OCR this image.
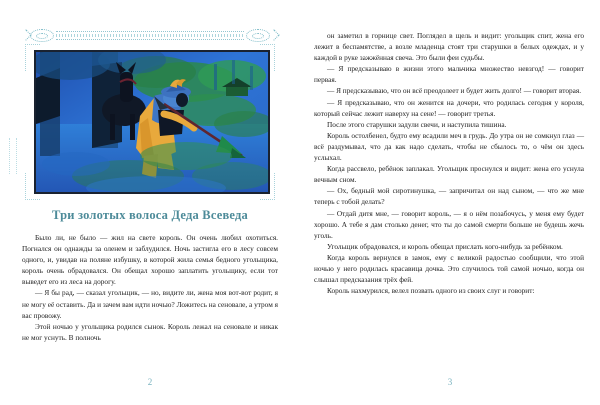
Три золотых волоса Деда Всеведа

Было ли, не было — жил на свете король. Он очень любил охотиться. Погнался он однажды за оленем и заблудился. Ночь застигла его в лесу совсем одного, и, увидав на поляне избушку, в которой жила семья бедного угольщика, король очень обрадовался. Он обещал хорошо заплатить угольщику, если тот выведет его из леса на дорогу.

— Я бы рад, — сказал угольщик, — но, видите ли, жена моя вот-вот родит, я не могу её оставить. Да и зачем вам идти ночью? Ложитесь на сеновале, а утром я вас провожу.

Этой ночью у угольщика родился сынок. Король лежал на сеновале и никак не мог уснуть. В полночь

2

он заметил в горнице свет. Поглядел в щель и видит: угольщик спит, жена его лежит в беспамятстве, а возле младенца стоят три старушки в белых одеждах, и у каждой в руке зажжённая свеча. Это были феи судьбы.

— Я предсказываю в жизни этого мальчика множество невзгод! — говорит первая.

— Я предсказываю, что он всё преодолеет и будет жить долго! — говорит вторая.

— Я предсказываю, что он женится на дочери, что родилась сегодня у короля, который сейчас лежит наверху на сене! — говорит третья.

После этого старушки задули свечи, и наступила тишина.

Король остолбенел, будто ему всадили меч в грудь. До утра он не сомкнул глаз — всё раздумывал, что да как надо сделать, чтобы не сбылось то, о чём он здесь услыхал.

Когда рассвело, ребёнок заплакал. Угольщик проснулся и видит: жена его уснула вечным сном.

— Ох, бедный мой сиротинушка, — запричитал он над сыном, — что же мне теперь с тобой делать?

— Отдай дитя мне, — говорит король, — я о нём позабочусь, у меня ему будет хорошо. А тебе я дам столько денег, что ты до самой смерти больше не будешь жечь уголь.

Угольщик обрадовался, и король обещал прислать кого-нибудь за ребёнком.

Когда король вернулся в замок, ему с великой радостью сообщили, что этой ночью у него родилась красавица дочка. Это случилось той самой ночью, когда он слышал предсказания трёх фей.

Король нахмурился, велел позвать одного из своих слуг и говорит:

3
